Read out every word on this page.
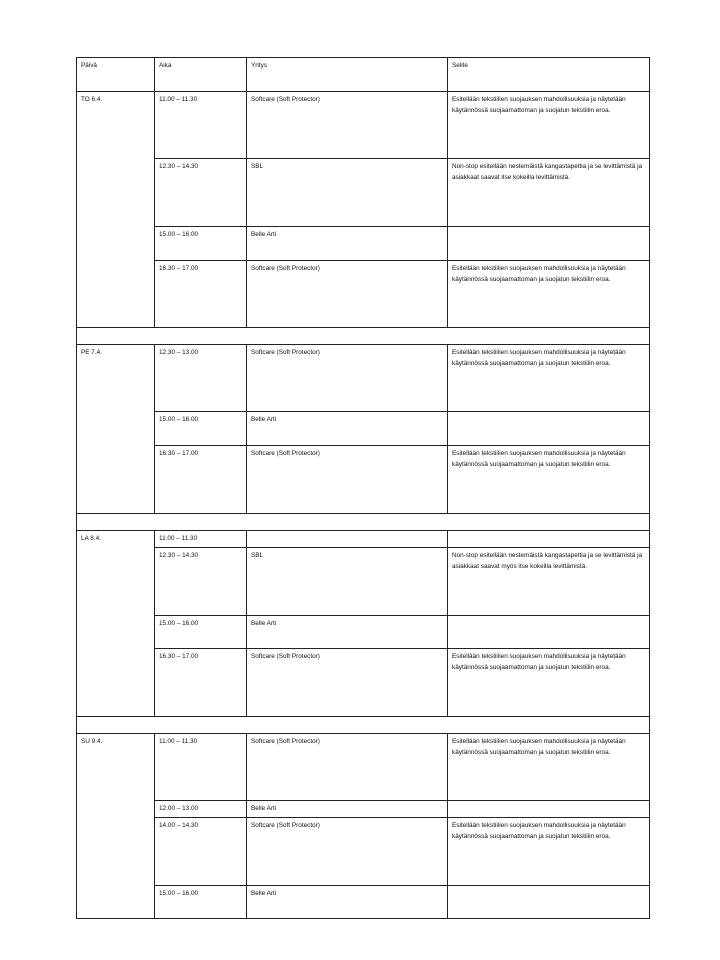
Päivä	Aika	Yritys	Selite
TO 6.4.	11.00 – 11.30	Softcare (Soft Protector)	Esitellään tekstiilien suojauksen mahdollisuuksia ja näytetään käytännössä suojaamattoman ja suojatun tekstiilin eroa.
	12.30 – 14.30	SBL	Non-stop esitellään nestemäistä kangastapettia ja se levittämistä ja asiakkaat saavat itse kokeilla levittämistä.
	15.00 – 16.00	Belle Arti	
	16.30 – 17.00	Softcare (Soft Protector)	Esitellään tekstiilien suojauksen mahdollisuuksia ja näytetään käytännössä suojaamattoman ja suojatun tekstiilin eroa.

PE 7.4.	12.30 – 13.00	Softcare (Soft Protector)	Esitellään tekstiilien suojauksen mahdollisuuksia ja näytetään käytännössä suojaamattoman ja suojatun tekstiilin eroa.
	15.00 – 16.00	Belle Arti	
	16.30 – 17.00	Softcare (Soft Protector)	Esitellään tekstiilien suojauksen mahdollisuuksia ja näytetään käytännössä suojaamattoman ja suojatun tekstiilin eroa.

LA 8.4.	11.00 – 11.30		
	12.30 – 14.30	SBL	Non-stop esitellään nestemäistä kangastapettia ja se levittämistä ja asiakkaat saavat myös itse kokeilla levittämistä.
	15.00 – 16.00	Belle Arti	
	16.30 – 17.00	Softcare (Soft Protector)	Esitellään tekstiilien suojauksen mahdollisuuksia ja näytetään käytännössä suojaamattoman ja suojatun tekstiilin eroa.

SU 9.4.	11.00 – 11.30	Softcare (Soft Protector)	Esitellään tekstiilien suojauksen mahdollisuuksia ja näytetään käytännössä suojaamattoman ja suojatun tekstiilin eroa.
	12.00 – 13.00	Belle Arti	
	14.00 – 14.30	Softcare (Soft Protector)	Esitellään tekstiilien suojauksen mahdollisuuksia ja näytetään käytännössä suojaamattoman ja suojatun tekstiilin eroa.
	15.00 – 16.00	Belle Arti	
